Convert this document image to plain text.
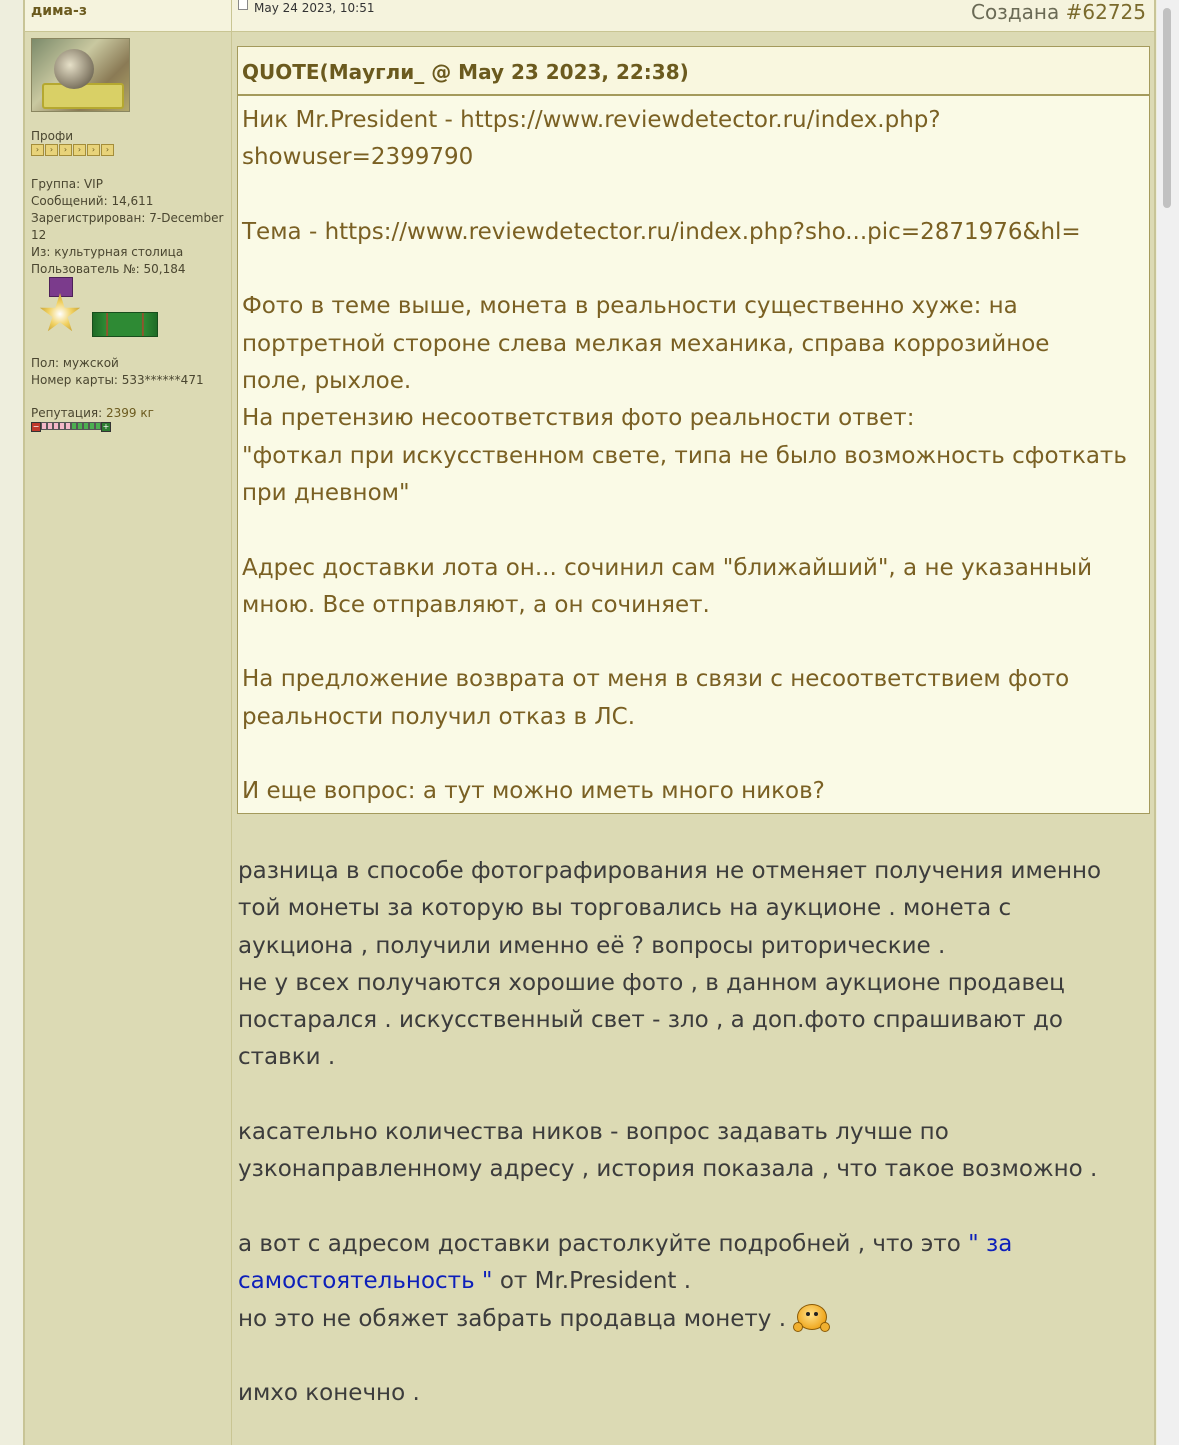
дима-з	May 24 2023, 10:51	Создана #62725
Профи
›	›	›	›	›	›
Группа: VIP
Сообщений: 14,611
Зарегистрирован: 7-December
12
Из: культурная столица
Пользователь №: 50,184
Пол: мужской
Номер карты: 533******471
Репутация: 2399 кг
−	+
QUOTE(Маугли_ @ May 23 2023, 22:38)

Ник Mr.President - https://www.reviewdetector.ru/index.php?

showuser=2399790

Тема - https://www.reviewdetector.ru/index.php?sho...pic=2871976&hl=

Фото в теме выше, монета в реальности существенно хуже: на

портретной стороне слева мелкая механика, справа коррозийное

поле, рыхлое.

На претензию несоответствия фото реальности ответ:

"фоткал при искусственном свете, типа не было возможность сфоткать

при дневном"

Адрес доставки лота он... сочинил сам "ближайший", а не указанный

мною. Все отправляют, а он сочиняет.

На предложение возврата от меня в связи с несоответствием фото

реальности получил отказ в ЛС.

И еще вопрос: а тут можно иметь много ников?

разница в способе фотографирования не отменяет получения именно

той монеты за которую вы торговались на аукционе . монета с

аукциона , получили именно её ? вопросы риторические .

не у всех получаются хорошие фото , в данном аукционе продавец

постарался . искусственный свет - зло , а доп.фото спрашивают до

ставки .

касательно количества ников - вопрос задавать лучше по

узконаправленному адресу , история показала , что такое возможно .

а вот с адресом доставки растолкуйте подробней , что это " за

самостоятельность " от Mr.President .

но это не обяжет забрать продавца монету .

имхо конечно .
